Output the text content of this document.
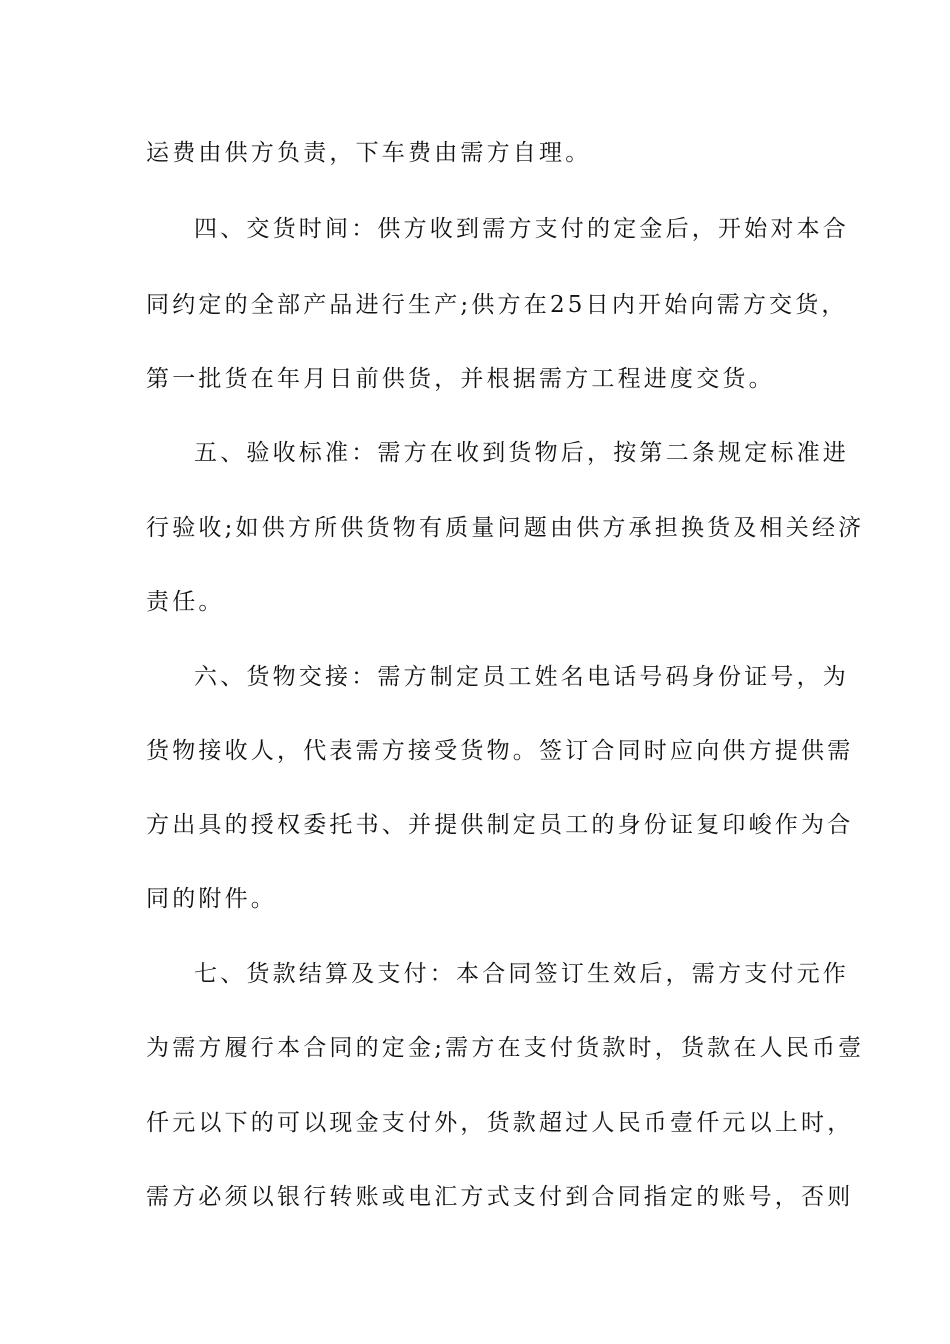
运费由供方负责，下车费由需方自理。
四、交货时间：供方收到需方支付的定金后，开始对本合
同约定的全部产品进行生产;供方在25日内开始向需方交货，
第一批货在年月日前供货，并根据需方工程进度交货。
五、验收标准：需方在收到货物后，按第二条规定标准进
行验收;如供方所供货物有质量问题由供方承担换货及相关经济
责任。
六、货物交接：需方制定员工姓名电话号码身份证号，为
货物接收人，代表需方接受货物。签订合同时应向供方提供需
方出具的授权委托书、并提供制定员工的身份证复印峻作为合
同的附件。
七、货款结算及支付：本合同签订生效后，需方支付元作
为需方履行本合同的定金;需方在支付货款时，货款在人民币壹
仟元以下的可以现金支付外，货款超过人民币壹仟元以上时，
需方必须以银行转账或电汇方式支付到合同指定的账号，否则
